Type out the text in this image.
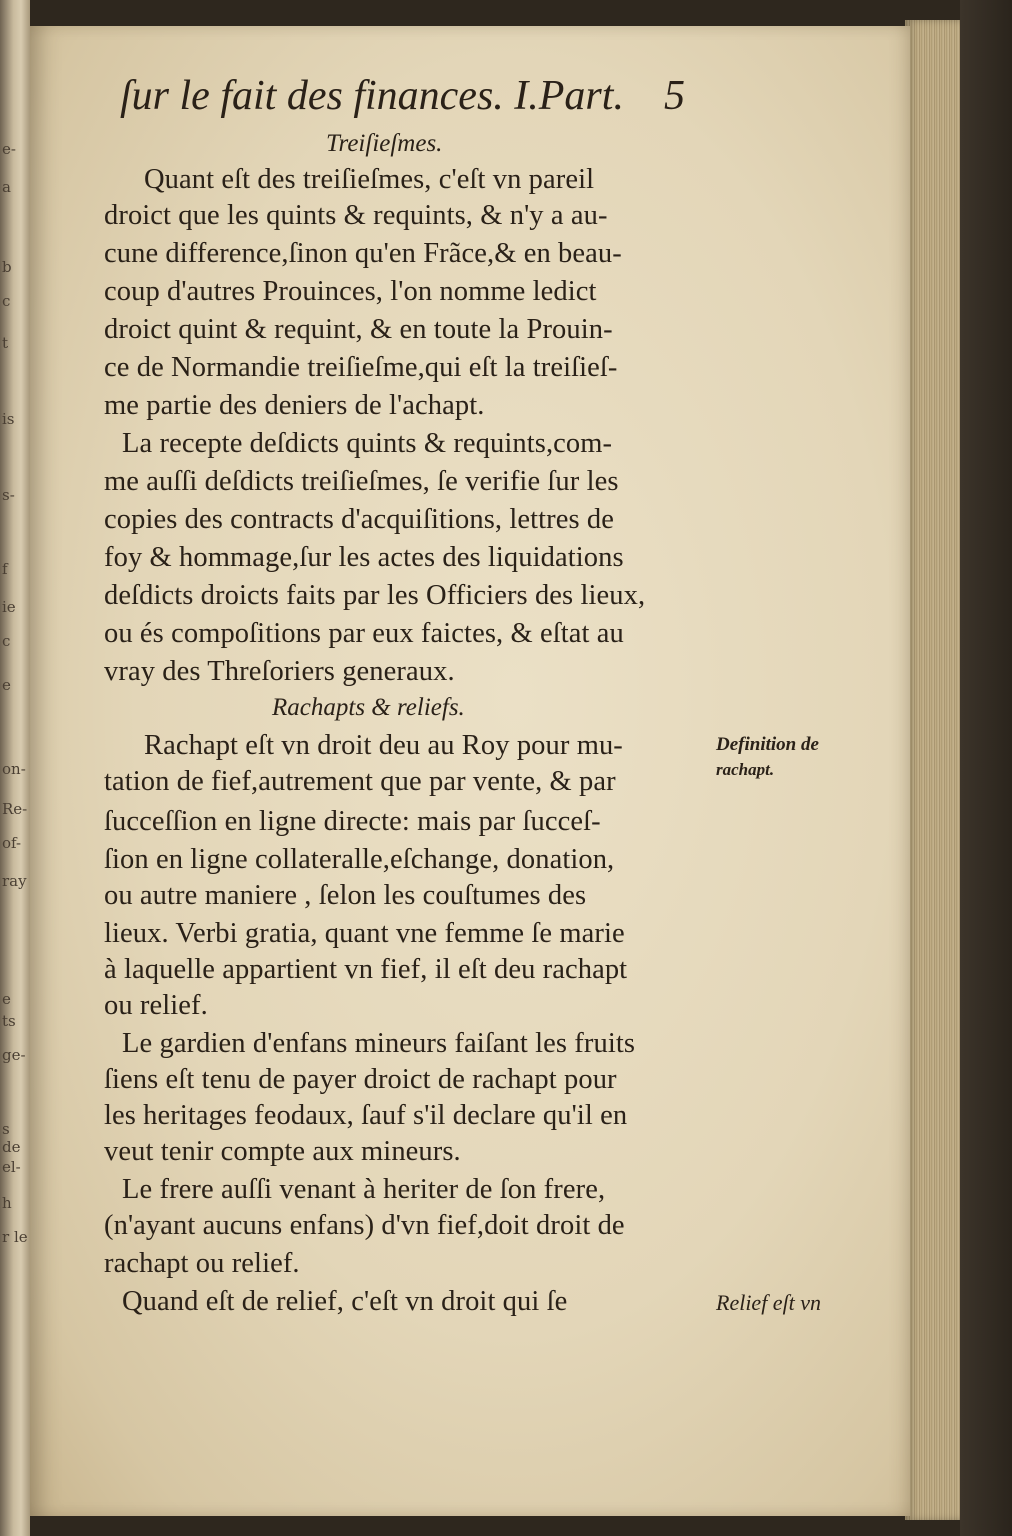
e-
a
b
c
t
is
s-
f
ie
c
e
on-
Re-
of-
ray
e
ts
ge-
s de
el-
h
r le
ſur le fait des finances. I.Part. 5
Treiſieſmes.
Quant eſt des treiſieſmes, c'eſt vn pareil
droict que les quints & requints, & n'y a au-
cune difference,ſinon qu'en Frãce,& en beau-
coup d'autres Prouinces, l'on nomme ledict
droict quint & requint, & en toute la Prouin-
ce de Normandie treiſieſme,qui eſt la treiſieſ-
me partie des deniers de l'achapt.
La recepte deſdicts quints & requints,com-
me auſſi deſdicts treiſieſmes, ſe verifie ſur les
copies des contracts d'acquiſitions, lettres de
foy & hommage,ſur les actes des liquidations
deſdicts droicts faits par les Officiers des lieux,
ou és compoſitions par eux faictes, & eſtat au
vray des Threſoriers generaux.
Rachapts & reliefs.
Rachapt eſt vn droit deu au Roy pour mu-
tation de fief,autrement que par vente, & par
ſucceſſion en ligne directe: mais par ſucceſ-
ſion en ligne collateralle,eſchange, donation,
ou autre maniere , ſelon les couſtumes des
lieux. Verbi gratia, quant vne femme ſe marie
à laquelle appartient vn fief, il eſt deu rachapt
ou relief.
Le gardien d'enfans mineurs faiſant les fruits
ſiens eſt tenu de payer droict de rachapt pour
les heritages feodaux, ſauf s'il declare qu'il en
veut tenir compte aux mineurs.
Le frere auſſi venant à heriter de ſon frere,
(n'ayant aucuns enfans) d'vn fief,doit droit de
rachapt ou relief.
Quand eſt de relief, c'eſt vn droit qui ſe
Definition de
rachapt.
Relief eſt vn
